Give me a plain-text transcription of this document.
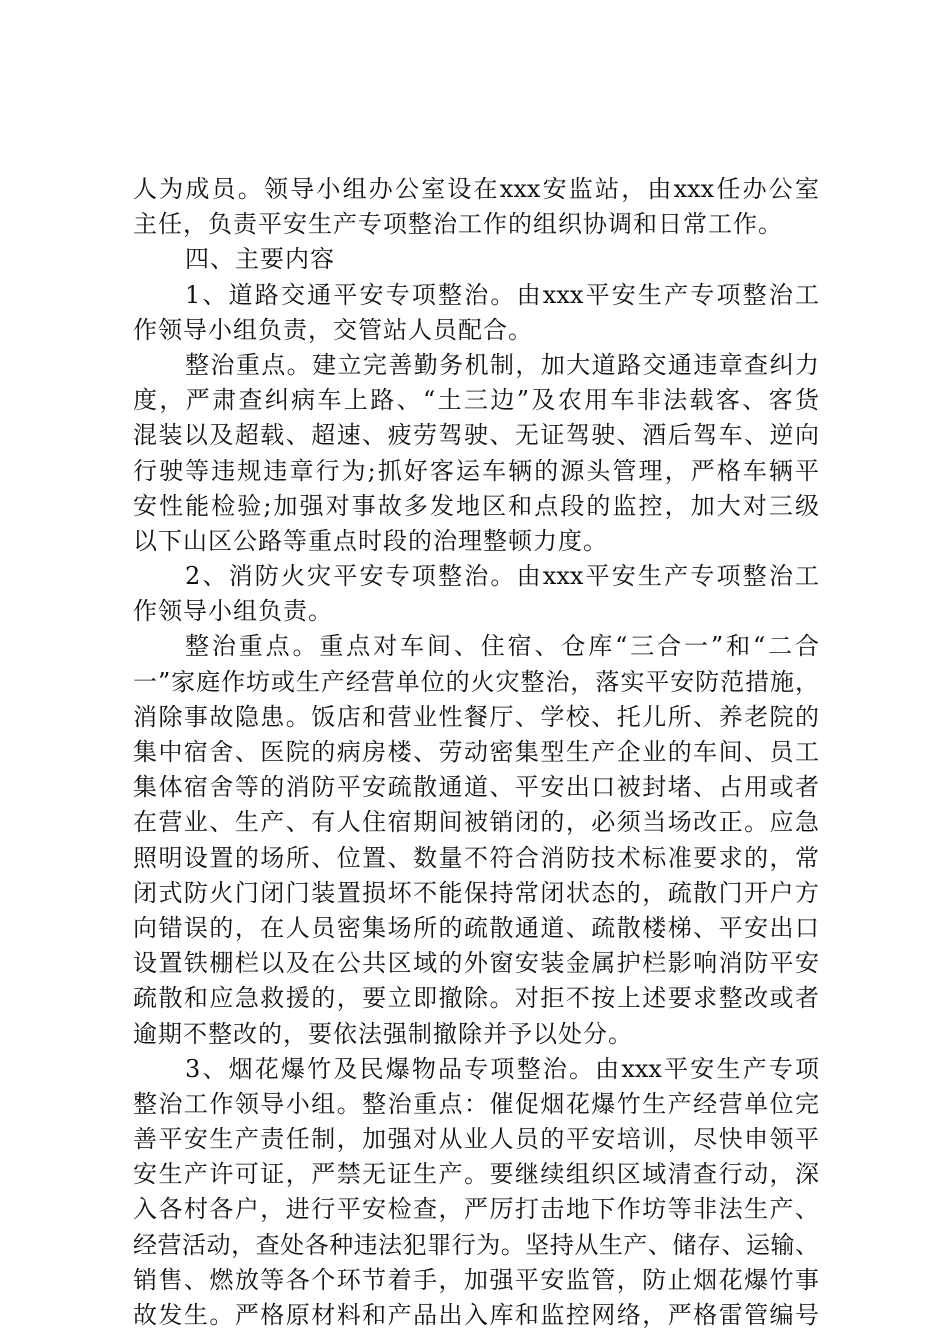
人为成员。领导小组办公室设在xxx安监站，由xxx任办公室
主任，负责平安生产专项整治工作的组织协调和日常工作。
四、主要内容
1、道路交通平安专项整治。由xxx平安生产专项整治工
作领导小组负责，交管站人员配合。
整治重点。建立完善勤务机制，加大道路交通违章查纠力
度，严肃查纠病车上路、“土三边”及农用车非法载客、客货
混装以及超载、超速、疲劳驾驶、无证驾驶、酒后驾车、逆向
行驶等违规违章行为;抓好客运车辆的源头管理，严格车辆平
安性能检验;加强对事故多发地区和点段的监控，加大对三级
以下山区公路等重点时段的治理整顿力度。
2、消防火灾平安专项整治。由xxx平安生产专项整治工
作领导小组负责。
整治重点。重点对车间、住宿、仓库“三合一”和“二合
一”家庭作坊或生产经营单位的火灾整治，落实平安防范措施，
消除事故隐患。饭店和营业性餐厅、学校、托儿所、养老院的
集中宿舍、医院的病房楼、劳动密集型生产企业的车间、员工
集体宿舍等的消防平安疏散通道、平安出口被封堵、占用或者
在营业、生产、有人住宿期间被销闭的，必须当场改正。应急
照明设置的场所、位置、数量不符合消防技术标准要求的，常
闭式防火门闭门装置损坏不能保持常闭状态的，疏散门开户方
向错误的，在人员密集场所的疏散通道、疏散楼梯、平安出口
设置铁棚栏以及在公共区域的外窗安装金属护栏影响消防平安
疏散和应急救援的，要立即撤除。对拒不按上述要求整改或者
逾期不整改的，要依法强制撤除并予以处分。
3、烟花爆竹及民爆物品专项整治。由xxx平安生产专项
整治工作领导小组。整治重点：催促烟花爆竹生产经营单位完
善平安生产责任制，加强对从业人员的平安培训，尽快申领平
安生产许可证，严禁无证生产。要继续组织区域清查行动，深
入各村各户，进行平安检查，严厉打击地下作坊等非法生产、
经营活动，查处各种违法犯罪行为。坚持从生产、储存、运输、
销售、燃放等各个环节着手，加强平安监管，防止烟花爆竹事
故发生。严格原材料和产品出入库和监控网络，严格雷管编号
